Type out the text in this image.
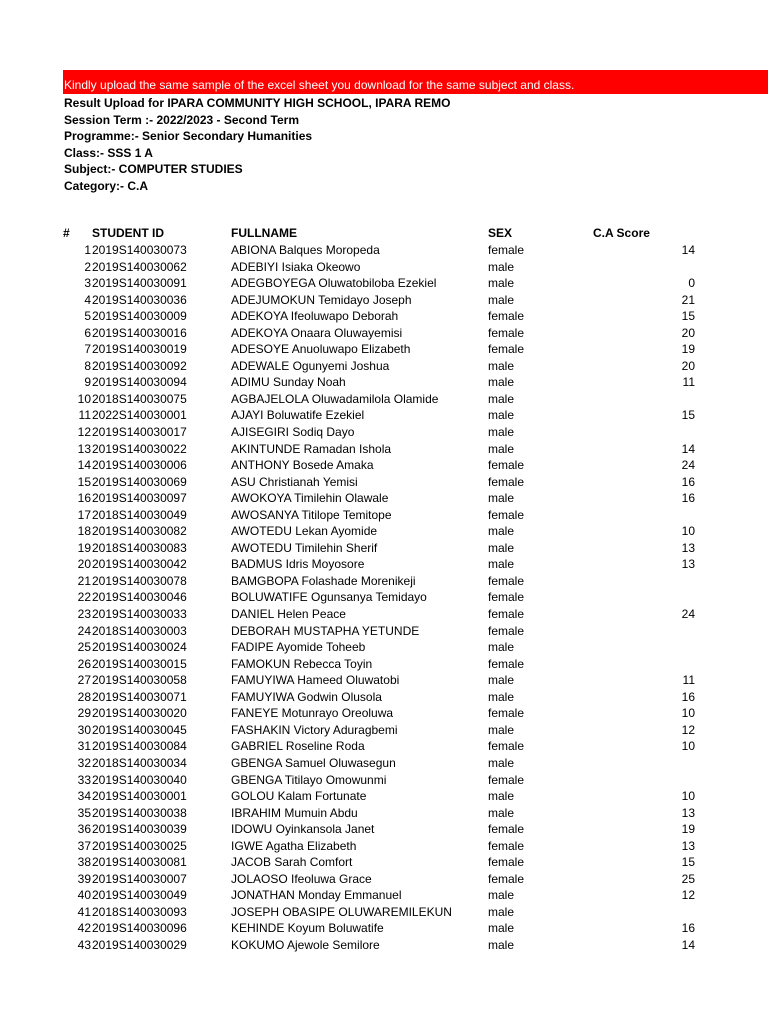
Kindly upload the same sample of the excel sheet you download for the same subject and class.
Result Upload for IPARA COMMUNITY HIGH SCHOOL, IPARA REMO
Session Term :- 2022/2023 - Second Term
Programme:- Senior Secondary Humanities
Class:- SSS 1 A
Subject:- COMPUTER STUDIES
Category:- C.A
# STUDENT ID	FULLNAME	SEX	C.A Score
1 2019S140030073	ABIONA Balques Moropeda	female	14
2 2019S140030062	ADEBIYI Isiaka Okeowo	male
3 2019S140030091	ADEGBOYEGA Oluwatobiloba Ezekiel	male	0
4 2019S140030036	ADEJUMOKUN Temidayo Joseph	male	21
5 2019S140030009	ADEKOYA Ifeoluwapo Deborah	female	15
6 2019S140030016	ADEKOYA Onaara Oluwayemisi	female	20
7 2019S140030019	ADESOYE Anuoluwapo Elizabeth	female	19
8 2019S140030092	ADEWALE Ogunyemi Joshua	male	20
9 2019S140030094	ADIMU Sunday Noah	male	11
10 2018S140030075	AGBAJELOLA Oluwadamilola Olamide	male
11 2022S140030001	AJAYI Boluwatife Ezekiel	male	15
12 2019S140030017	AJISEGIRI Sodiq Dayo	male
13 2019S140030022	AKINTUNDE Ramadan Ishola	male	14
14 2019S140030006	ANTHONY Bosede Amaka	female	24
15 2019S140030069	ASU Christianah Yemisi	female	16
16 2019S140030097	AWOKOYA Timilehin Olawale	male	16
17 2018S140030049	AWOSANYA Titilope Temitope	female
18 2019S140030082	AWOTEDU Lekan Ayomide	male	10
19 2018S140030083	AWOTEDU Timilehin Sherif	male	13
20 2019S140030042	BADMUS Idris Moyosore	male	13
21 2019S140030078	BAMGBOPA Folashade Morenikeji	female
22 2019S140030046	BOLUWATIFE Ogunsanya Temidayo	female
23 2019S140030033	DANIEL Helen Peace	female	24
24 2018S140030003	DEBORAH MUSTAPHA YETUNDE	female
25 2019S140030024	FADIPE Ayomide Toheeb	male
26 2019S140030015	FAMOKUN Rebecca Toyin	female
27 2019S140030058	FAMUYIWA Hameed Oluwatobi	male	11
28 2019S140030071	FAMUYIWA Godwin Olusola	male	16
29 2019S140030020	FANEYE Motunrayo Oreoluwa	female	10
30 2019S140030045	FASHAKIN Victory Aduragbemi	male	12
31 2019S140030084	GABRIEL Roseline Roda	female	10
32 2018S140030034	GBENGA Samuel Oluwasegun	male
33 2019S140030040	GBENGA Titilayo Omowunmi	female
34 2019S140030001	GOLOU Kalam Fortunate	male	10
35 2019S140030038	IBRAHIM Mumuin Abdu	male	13
36 2019S140030039	IDOWU Oyinkansola Janet	female	19
37 2019S140030025	IGWE Agatha Elizabeth	female	13
38 2019S140030081	JACOB Sarah Comfort	female	15
39 2019S140030007	JOLAOSO Ifeoluwa Grace	female	25
40 2019S140030049	JONATHAN Monday Emmanuel	male	12
41 2018S140030093	JOSEPH OBASIPE OLUWAREMILEKUN	male
42 2019S140030096	KEHINDE Koyum Boluwatife	male	16
43 2019S140030029	KOKUMO Ajewole Semilore	male	14
